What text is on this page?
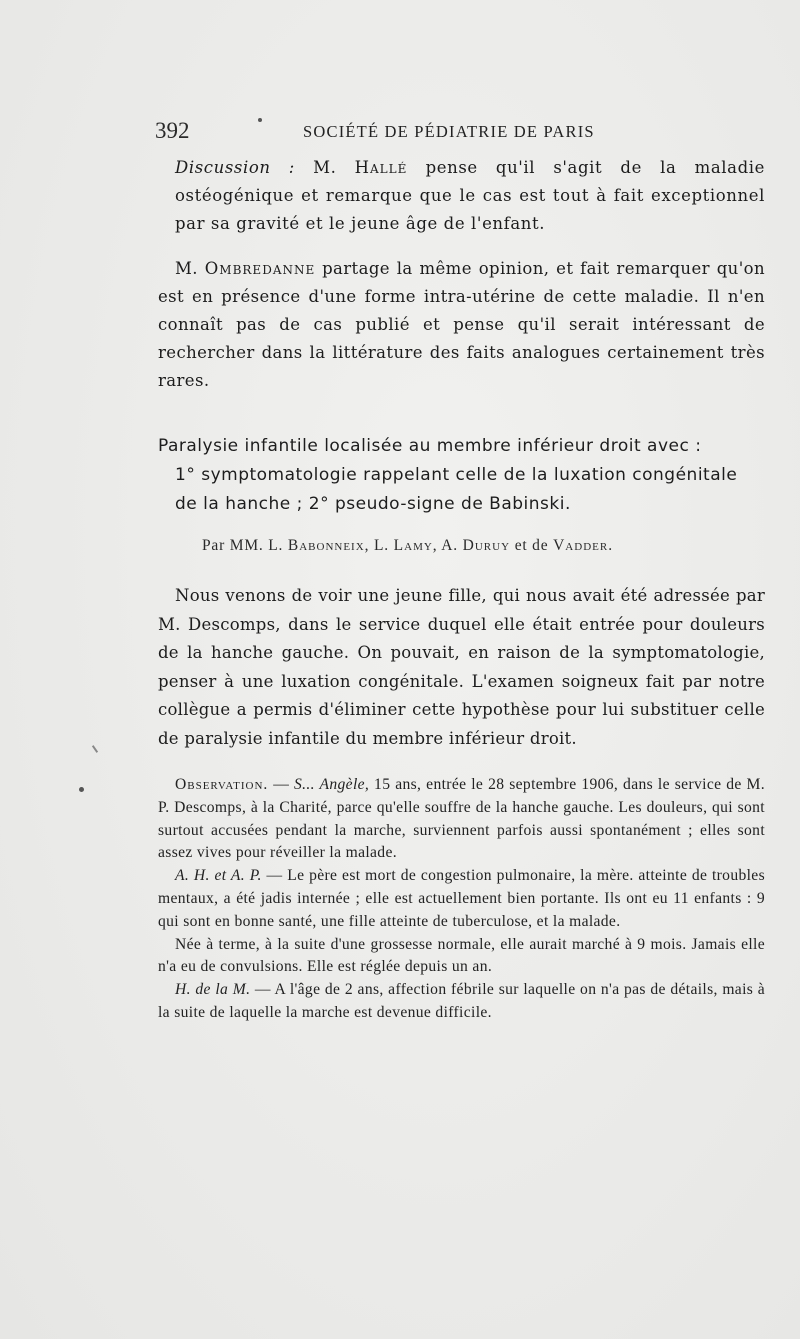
392	SOCIÉTÉ DE PÉDIATRIE DE PARIS
Discussion : M. Hallé pense qu'il s'agit de la maladie ostéogénique et remarque que le cas est tout à fait exceptionnel par sa gravité et le jeune âge de l'enfant.
M. Ombredanne partage la même opinion, et fait remarquer qu'on est en présence d'une forme intra-utérine de cette maladie. Il n'en connaît pas de cas publié et pense qu'il serait intéressant de rechercher dans la littérature des faits analogues certainement très rares.
Paralysie infantile localisée au membre inférieur droit avec :
1° symptomatologie rappelant celle de la luxation congénitale
de la hanche ; 2° pseudo-signe de Babinski.
Par MM. L. Babonneix, L. Lamy, A. Duruy et de Vadder.
Nous venons de voir une jeune fille, qui nous avait été adressée par M. Descomps, dans le service duquel elle était entrée pour douleurs de la hanche gauche. On pouvait, en raison de la symptomatologie, penser à une luxation congénitale. L'examen soigneux fait par notre collègue a permis d'éliminer cette hypothèse pour lui substituer celle de paralysie infantile du membre inférieur droit.

Observation. — S... Angèle, 15 ans, entrée le 28 septembre 1906, dans le service de M. P. Descomps, à la Charité, parce qu'elle souffre de la hanche gauche. Les douleurs, qui sont surtout accusées pendant la marche, surviennent parfois aussi spontanément ; elles sont assez vives pour réveiller la malade.

A. H. et A. P. — Le père est mort de congestion pulmonaire, la mère. atteinte de troubles mentaux, a été jadis internée ; elle est actuellement bien portante. Ils ont eu 11 enfants : 9 qui sont en bonne santé, une fille atteinte de tuberculose, et la malade.

Née à terme, à la suite d'une grossesse normale, elle aurait marché à 9 mois. Jamais elle n'a eu de convulsions. Elle est réglée depuis un an.

H. de la M. — A l'âge de 2 ans, affection fébrile sur laquelle on n'a pas de détails, mais à la suite de laquelle la marche est devenue difficile.
